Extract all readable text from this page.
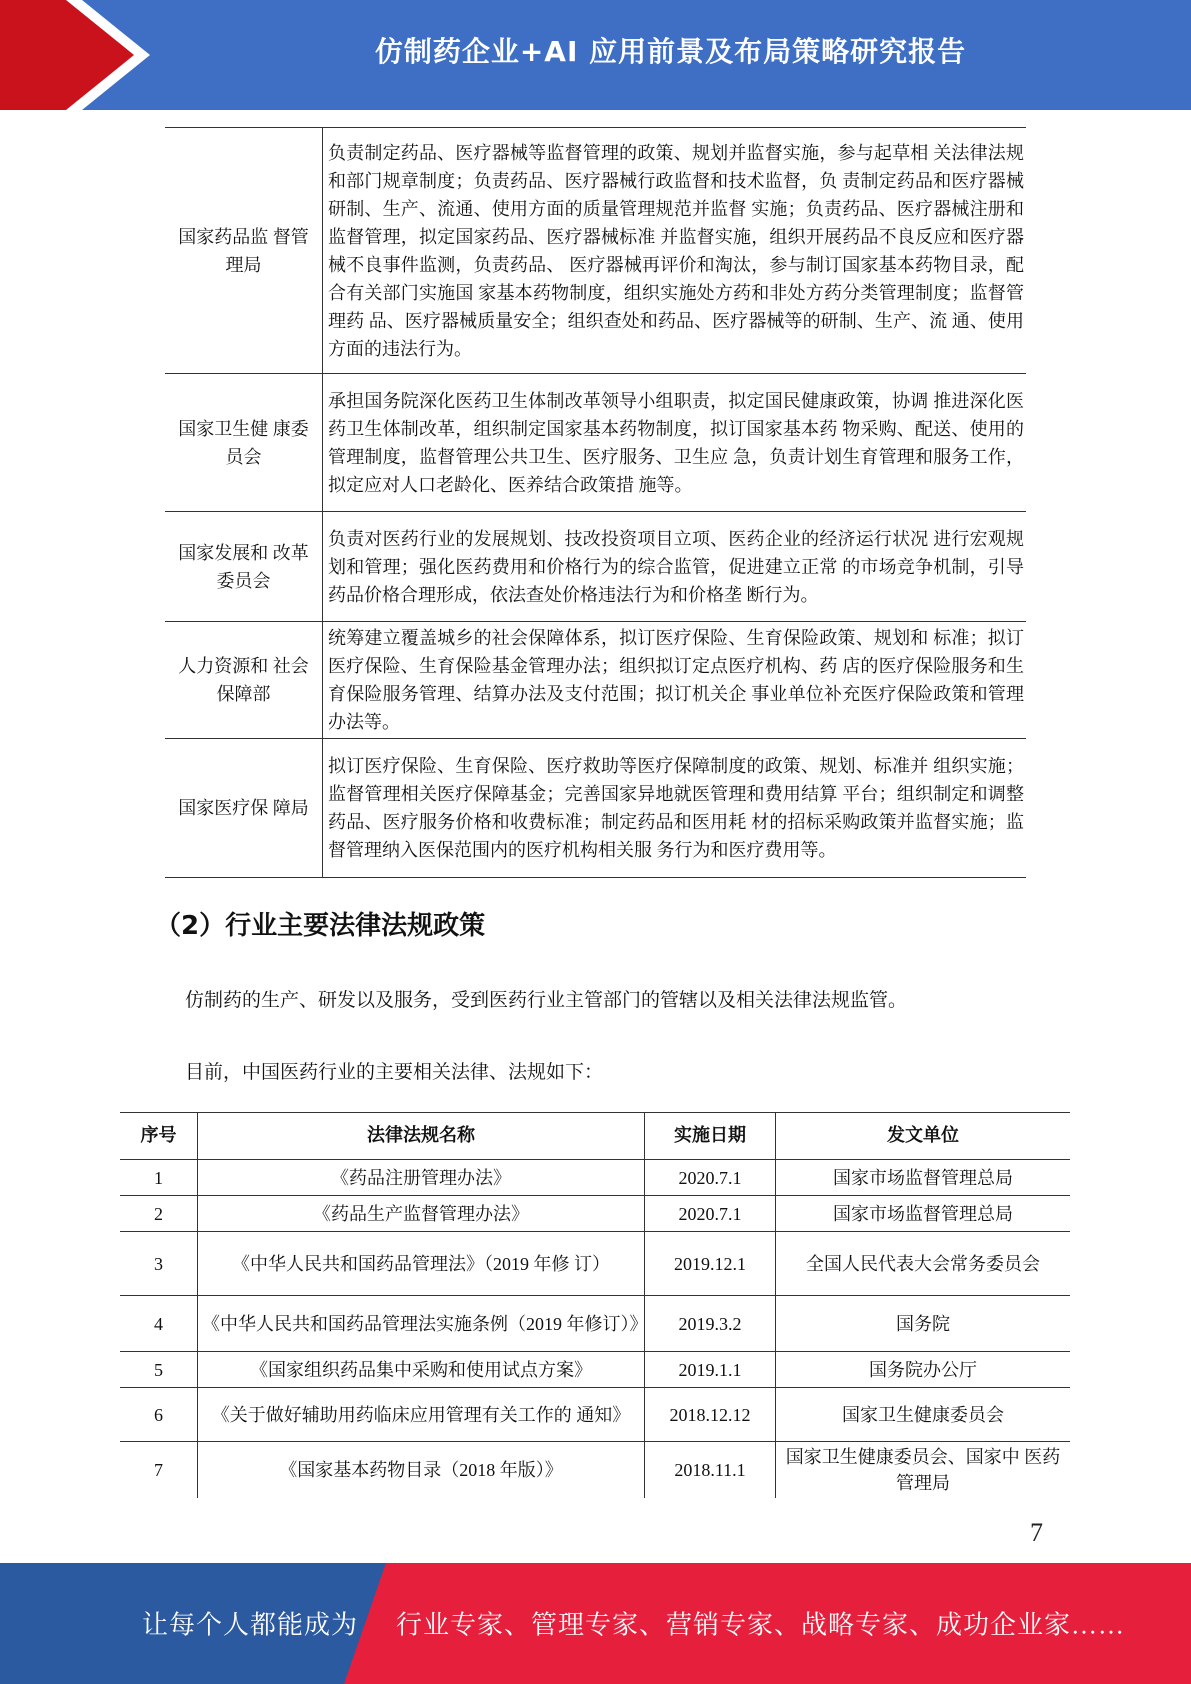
仿制药企业+AI 应用前景及布局策略研究报告
国家药品监 督管理局	负责制定药品、医疗器械等监督管理的政策、规划并监督实施，参与起草相 关法律法规和部门规章制度；负责药品、医疗器械行政监督和技术监督，负 责制定药品和医疗器械研制、生产、流通、使用方面的质量管理规范并监督 实施；负责药品、医疗器械注册和监督管理，拟定国家药品、医疗器械标准 并监督实施，组织开展药品不良反应和医疗器械不良事件监测，负责药品、 医疗器械再评价和淘汰，参与制订国家基本药物目录，配合有关部门实施国 家基本药物制度，组织实施处方药和非处方药分类管理制度；监督管理药 品、医疗器械质量安全；组织查处和药品、医疗器械等的研制、生产、流 通、使用方面的违法行为。
国家卫生健 康委员会	承担国务院深化医药卫生体制改革领导小组职责，拟定国民健康政策，协调 推进深化医药卫生体制改革，组织制定国家基本药物制度，拟订国家基本药 物采购、配送、使用的管理制度，监督管理公共卫生、医疗服务、卫生应 急，负责计划生育管理和服务工作，拟定应对人口老龄化、医养结合政策措 施等。
国家发展和 改革委员会	负责对医药行业的发展规划、技改投资项目立项、医药企业的经济运行状况 进行宏观规划和管理；强化医药费用和价格行为的综合监管，促进建立正常 的市场竞争机制，引导药品价格合理形成，依法查处价格违法行为和价格垄 断行为。
人力资源和 社会保障部	统筹建立覆盖城乡的社会保障体系，拟订医疗保险、生育保险政策、规划和 标准；拟订医疗保险、生育保险基金管理办法；组织拟订定点医疗机构、药 店的医疗保险服务和生育保险服务管理、结算办法及支付范围；拟订机关企 事业单位补充医疗保险政策和管理办法等。
国家医疗保 障局	拟订医疗保险、生育保险、医疗救助等医疗保障制度的政策、规划、标准并 组织实施；监督管理相关医疗保障基金；完善国家异地就医管理和费用结算 平台；组织制定和调整药品、医疗服务价格和收费标准；制定药品和医用耗 材的招标采购政策并监督实施；监督管理纳入医保范围内的医疗机构相关服 务行为和医疗费用等。
（2）行业主要法律法规政策
仿制药的生产、研发以及服务，受到医药行业主管部门的管辖以及相关法律法规监管。
目前，中国医药行业的主要相关法律、法规如下：
序号	法律法规名称	实施日期	发文单位
1	《药品注册管理办法》	2020.7.1	国家市场监督管理总局
2	《药品生产监督管理办法》	2020.7.1	国家市场监督管理总局
3	《中华人民共和国药品管理法》（2019 年修 订）	2019.12.1	全国人民代表大会常务委员会
4	《中华人民共和国药品管理法实施条例（2019 年修订）》	2019.3.2	国务院
5	《国家组织药品集中采购和使用试点方案》	2019.1.1	国务院办公厅
6	《关于做好辅助用药临床应用管理有关工作的 通知》	2018.12.12	国家卫生健康委员会
7	《国家基本药物目录（2018 年版）》	2018.11.1	国家卫生健康委员会、国家中 医药管理局
7
让每个人都能成为 行业专家、管理专家、营销专家、战略专家、成功企业家……
